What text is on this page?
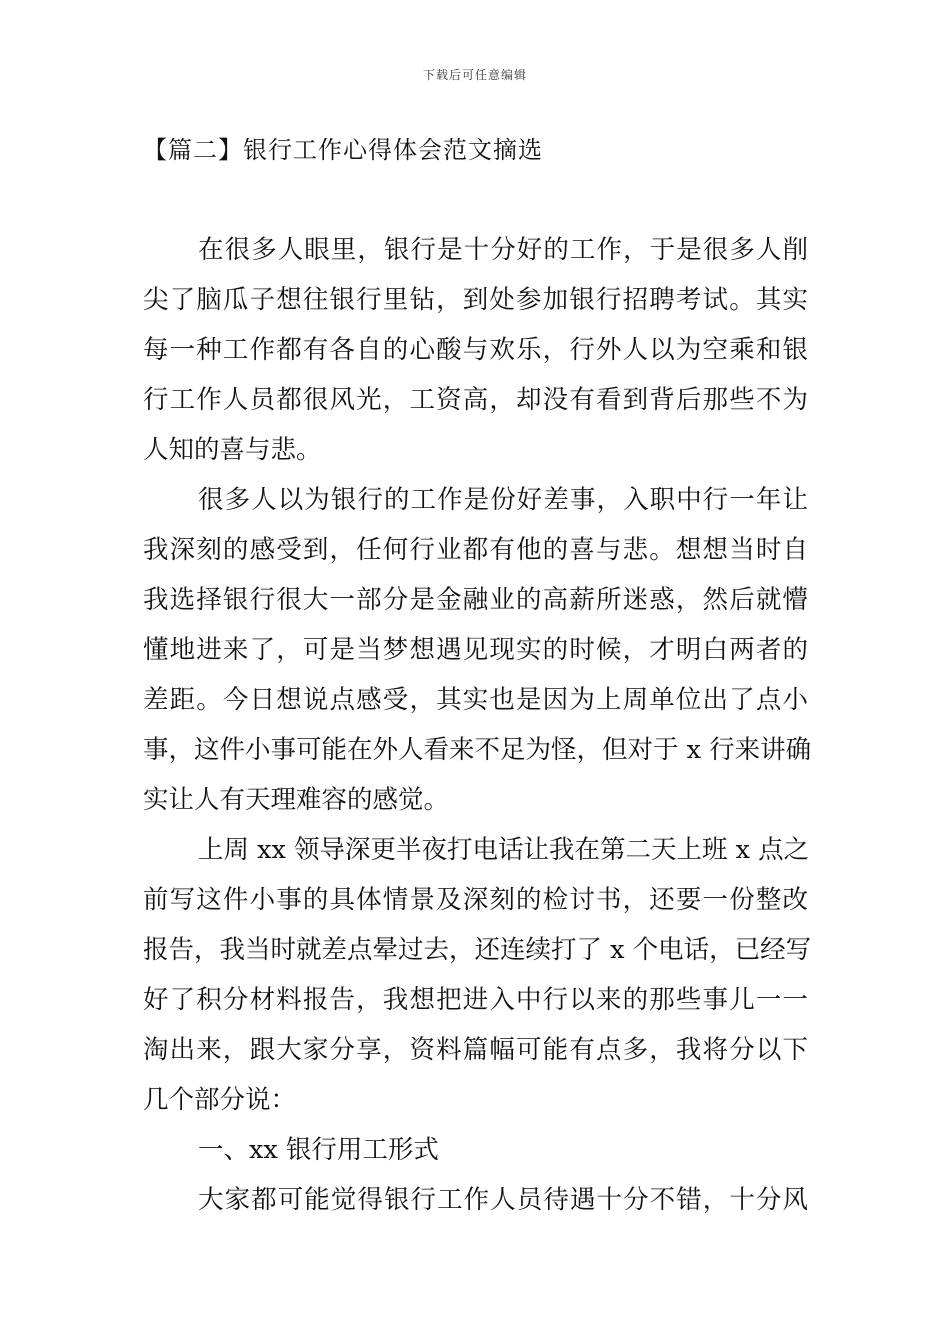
下载后可任意编辑
【篇二】银行工作心得体会范文摘选
在很多人眼里，银行是十分好的工作，于是很多人削
尖了脑瓜子想往银行里钻，到处参加银行招聘考试。其实
每一种工作都有各自的心酸与欢乐，行外人以为空乘和银
行工作人员都很风光，工资高，却没有看到背后那些不为
人知的喜与悲。
很多人以为银行的工作是份好差事，入职中行一年让
我深刻的感受到，任何行业都有他的喜与悲。想想当时自
我选择银行很大一部分是金融业的高薪所迷惑，然后就懵
懂地进来了，可是当梦想遇见现实的时候，才明白两者的
差距。今日想说点感受，其实也是因为上周单位出了点小
事，这件小事可能在外人看来不足为怪，但对于 x 行来讲确
实让人有天理难容的感觉。
上周 xx 领导深更半夜打电话让我在第二天上班 x 点之
前写这件小事的具体情景及深刻的检讨书，还要一份整改
报告，我当时就差点晕过去，还连续打了 x 个电话，已经写
好了积分材料报告，我想把进入中行以来的那些事儿一一
淘出来，跟大家分享，资料篇幅可能有点多，我将分以下
几个部分说：
一、xx 银行用工形式
大家都可能觉得银行工作人员待遇十分不错，十分风
